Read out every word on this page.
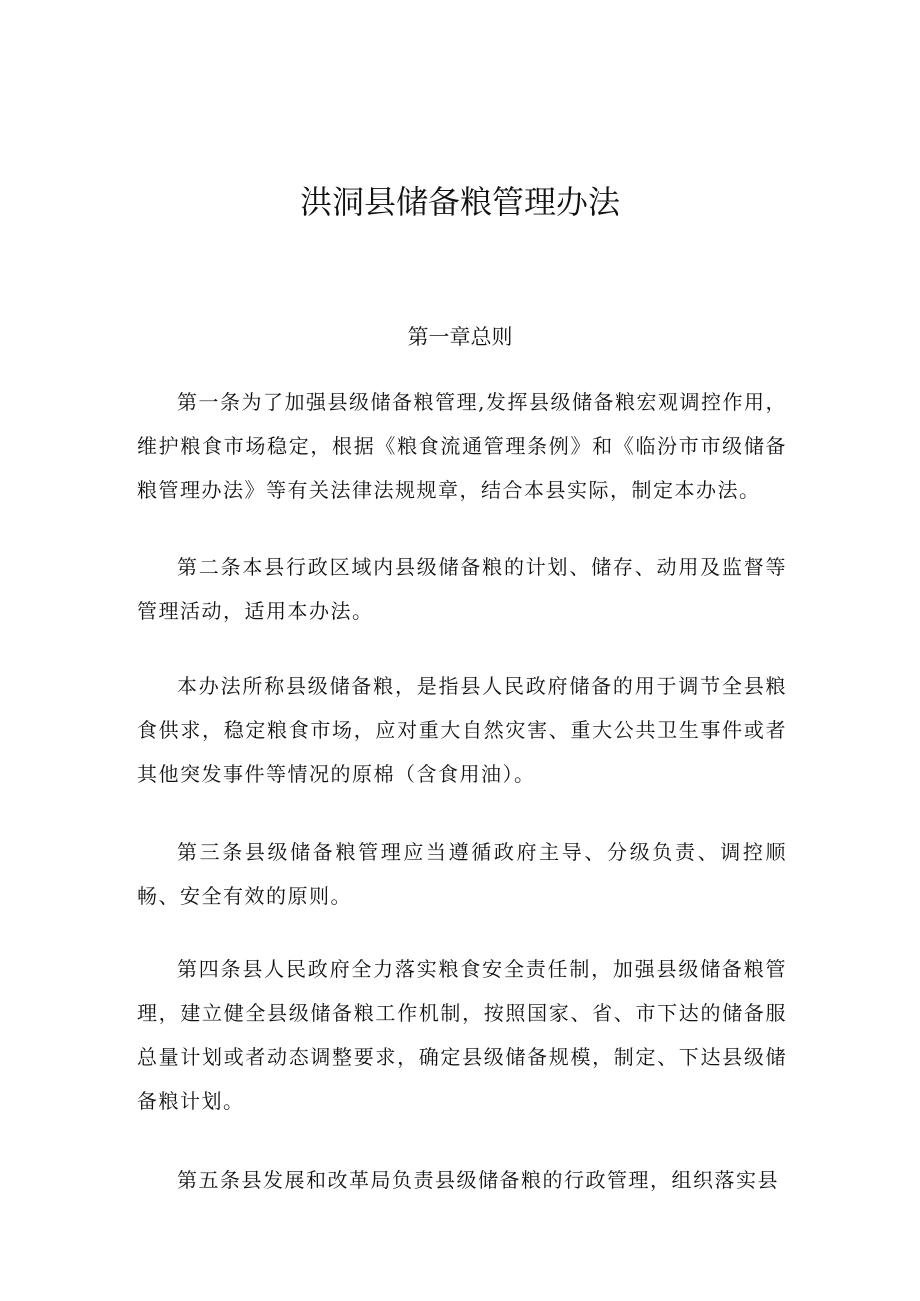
洪洞县储备粮管理办法
第一章总则

第一条为了加强县级储备粮管理,发挥县级储备粮宏观调控作用，维护粮食市场稳定，根据《粮食流通管理条例》和《临汾市市级储备粮管理办法》等有关法律法规规章，结合本县实际，制定本办法。

第二条本县行政区域内县级储备粮的计划、储存、动用及监督等管理活动，适用本办法。

本办法所称县级储备粮，是指县人民政府储备的用于调节全县粮食供求，稳定粮食市场，应对重大自然灾害、重大公共卫生事件或者其他突发事件等情况的原棉（含食用油）。

第三条县级储备粮管理应当遵循政府主导、分级负责、调控顺畅、安全有效的原则。

第四条县人民政府全力落实粮食安全责任制，加强县级储备粮管理，建立健全县级储备粮工作机制，按照国家、省、市下达的储备服总量计划或者动态调整要求，确定县级储备规模，制定、下达县级储备粮计划。

第五条县发展和改革局负责县级储备粮的行政管理，组织落实县
